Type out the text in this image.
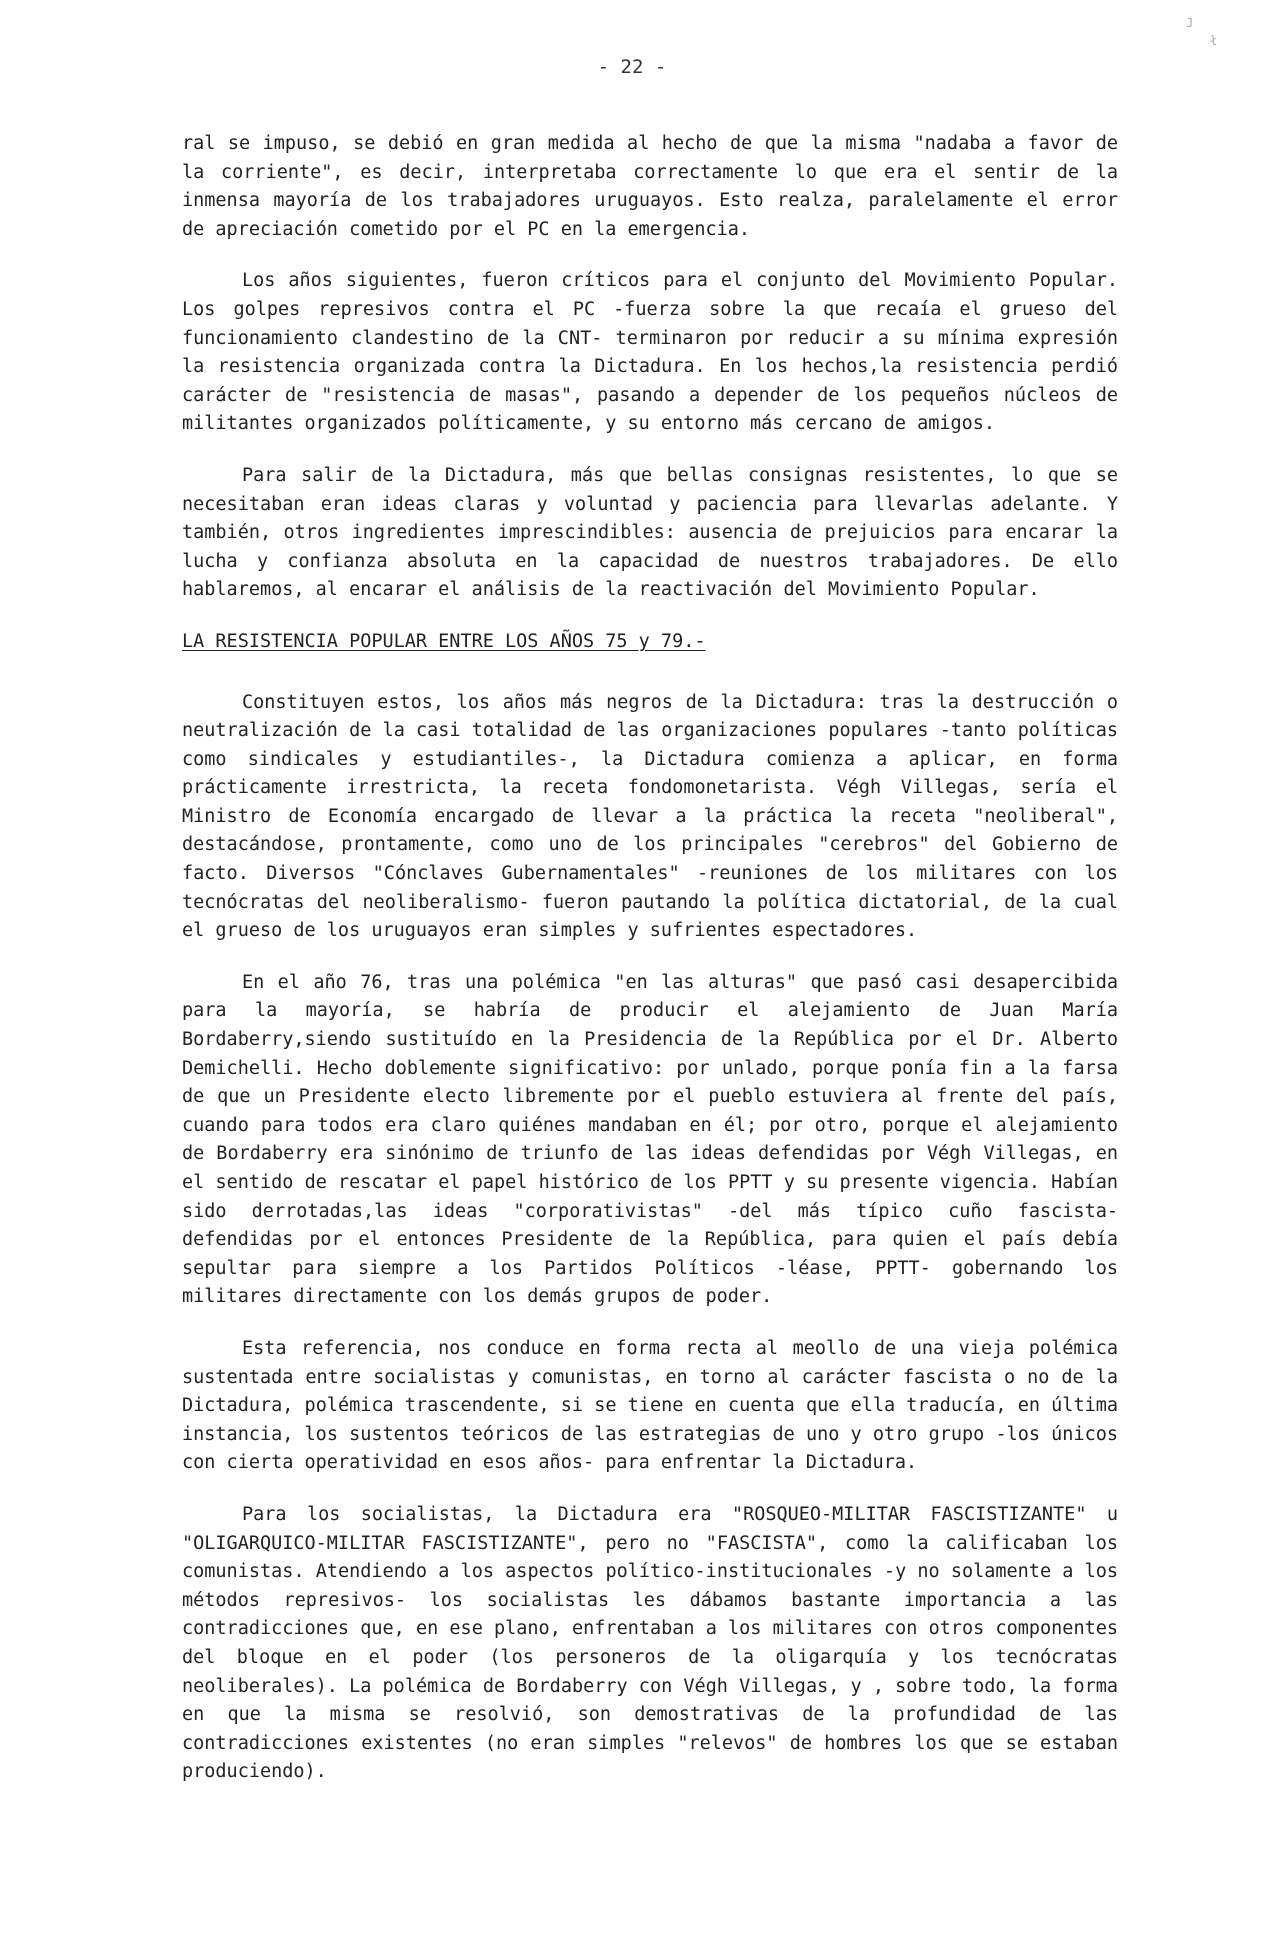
J
ł
- 22 -

ral se impuso, se debió en gran medida al hecho de que la misma "nadaba a favor de la corriente", es decir, interpretaba correctamente lo que era el sentir de la inmensa mayoría de los trabajadores uruguayos. Esto realza, paralelamente el error de apreciación cometido por el PC en la emergencia.

Los años siguientes, fueron críticos para el conjunto del Movimiento Popular. Los golpes represivos contra el PC -fuerza sobre la que recaía el grueso del funcionamiento clandestino de la CNT- terminaron por reducir a su mínima expresión la resistencia organizada contra la Dictadura. En los hechos,la resistencia perdió carácter de "resistencia de masas", pasando a depender de los pequeños núcleos de militantes organizados políticamente, y su entorno más cercano de amigos.

Para salir de la Dictadura, más que bellas consignas resistentes, lo que se necesitaban eran ideas claras y voluntad y paciencia para llevarlas adelante. Y también, otros ingredientes imprescindibles: ausencia de prejuicios para encarar la lucha y confianza absoluta en la capacidad de nuestros trabajadores. De ello hablaremos, al encarar el análisis de la reactivación del Movimiento Popular.

LA RESISTENCIA POPULAR ENTRE LOS AÑOS 75 y 79.-

Constituyen estos, los años más negros de la Dictadura: tras la destrucción o neutralización de la casi totalidad de las organizaciones populares -tanto políticas como sindicales y estudiantiles-, la Dictadura comienza a aplicar, en forma prácticamente irrestricta, la receta fondomonetarista. Végh Villegas, sería el Ministro de Economía encargado de llevar a la práctica la receta "neoliberal", destacándose, prontamente, como uno de los principales "cerebros" del Gobierno de facto. Diversos "Cónclaves Gubernamentales" -reuniones de los militares con los tecnócratas del neoliberalismo- fueron pautando la política dictatorial, de la cual el grueso de los uruguayos eran simples y sufrientes espectadores.

En el año 76, tras una polémica "en las alturas" que pasó casi desapercibida para la mayoría, se habría de producir el alejamiento de Juan María Bordaberry,siendo sustituído en la Presidencia de la República por el Dr. Alberto Demichelli. Hecho doblemente significativo: por unlado, porque ponía fin a la farsa de que un Presidente electo libremente por el pueblo estuviera al frente del país, cuando para todos era claro quiénes mandaban en él; por otro, porque el alejamiento de Bordaberry era sinónimo de triunfo de las ideas defendidas por Végh Villegas, en el sentido de rescatar el papel histórico de los PPTT y su presente vigencia. Habían sido derrotadas,las ideas "corporativistas" -del más típico cuño fascista- defendidas por el entonces Presidente de la República, para quien el país debía sepultar para siempre a los Partidos Políticos -léase, PPTT- gobernando los militares directamente con los demás grupos de poder.

Esta referencia, nos conduce en forma recta al meollo de una vieja polémica sustentada entre socialistas y comunistas, en torno al carácter fascista o no de la Dictadura, polémica trascendente, si se tiene en cuenta que ella traducía, en última instancia, los sustentos teóricos de las estrategias de uno y otro grupo -los únicos con cierta operatividad en esos años- para enfrentar la Dictadura.

Para los socialistas, la Dictadura era "ROSQUEO-MILITAR FASCISTIZANTE" u "OLIGARQUICO-MILITAR FASCISTIZANTE", pero no "FASCISTA", como la calificaban los comunistas. Atendiendo a los aspectos político-institucionales -y no solamente a los métodos represivos- los socialistas les dábamos bastante importancia a las contradicciones que, en ese plano, enfrentaban a los militares con otros componentes del bloque en el poder (los personeros de la oligarquía y los tecnócratas neoliberales). La polémica de Bordaberry con Végh Villegas, y , sobre todo, la forma en que la misma se resolvió, son demostrativas de la profundidad de las contradicciones existentes (no eran simples "relevos" de hombres los que se estaban produciendo).
